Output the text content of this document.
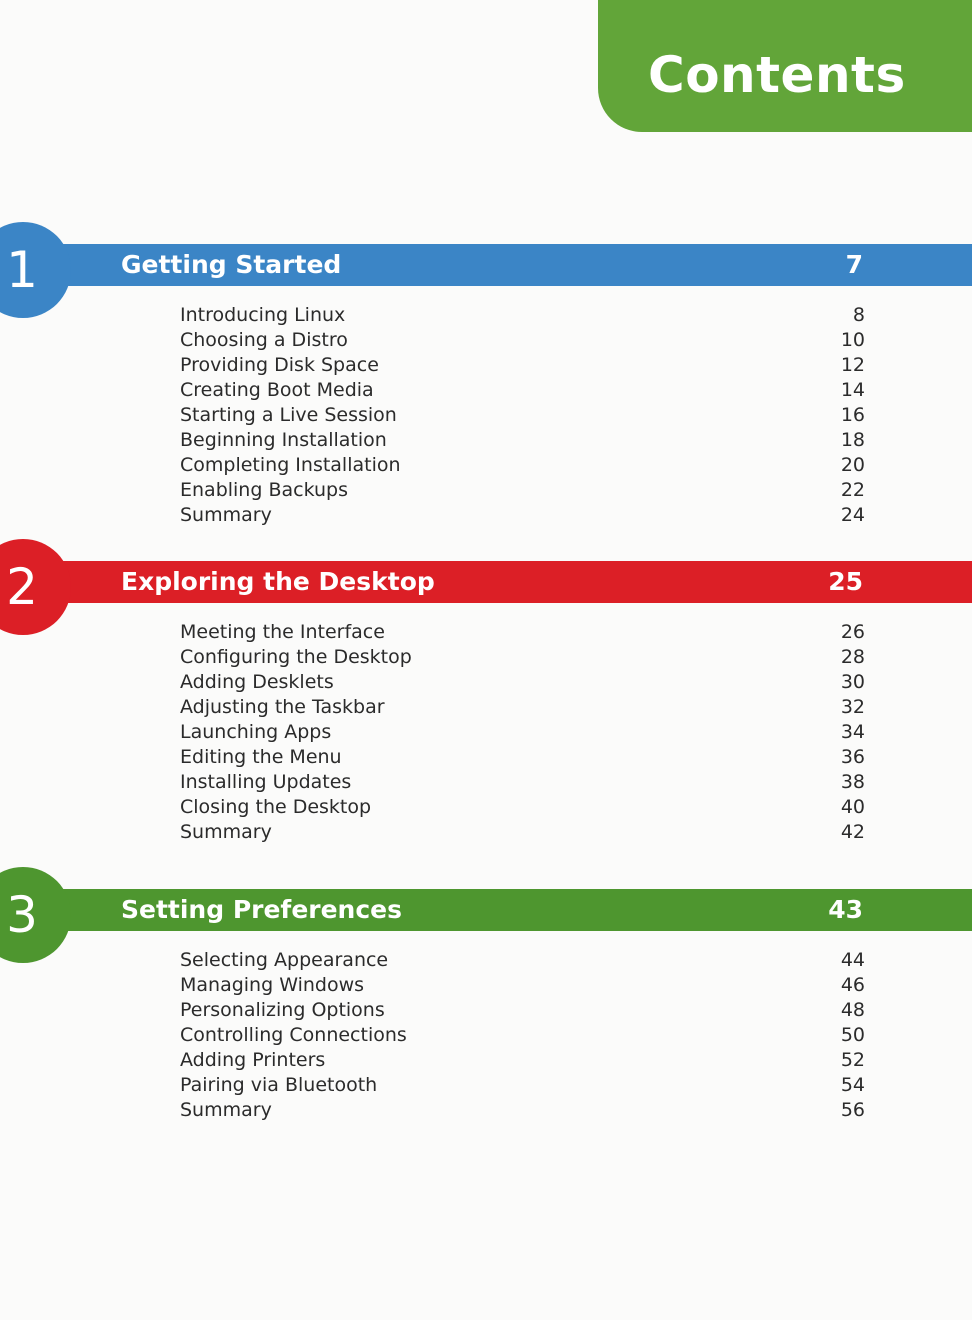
Contents
1	Getting Started	7
Introducing Linux	8
Choosing a Distro	10
Providing Disk Space	12
Creating Boot Media	14
Starting a Live Session	16
Beginning Installation	18
Completing Installation	20
Enabling Backups	22
Summary	24
2	Exploring the Desktop	25
Meeting the Interface	26
Configuring the Desktop	28
Adding Desklets	30
Adjusting the Taskbar	32
Launching Apps	34
Editing the Menu	36
Installing Updates	38
Closing the Desktop	40
Summary	42
3	Setting Preferences	43
Selecting Appearance	44
Managing Windows	46
Personalizing Options	48
Controlling Connections	50
Adding Printers	52
Pairing via Bluetooth	54
Summary	56
